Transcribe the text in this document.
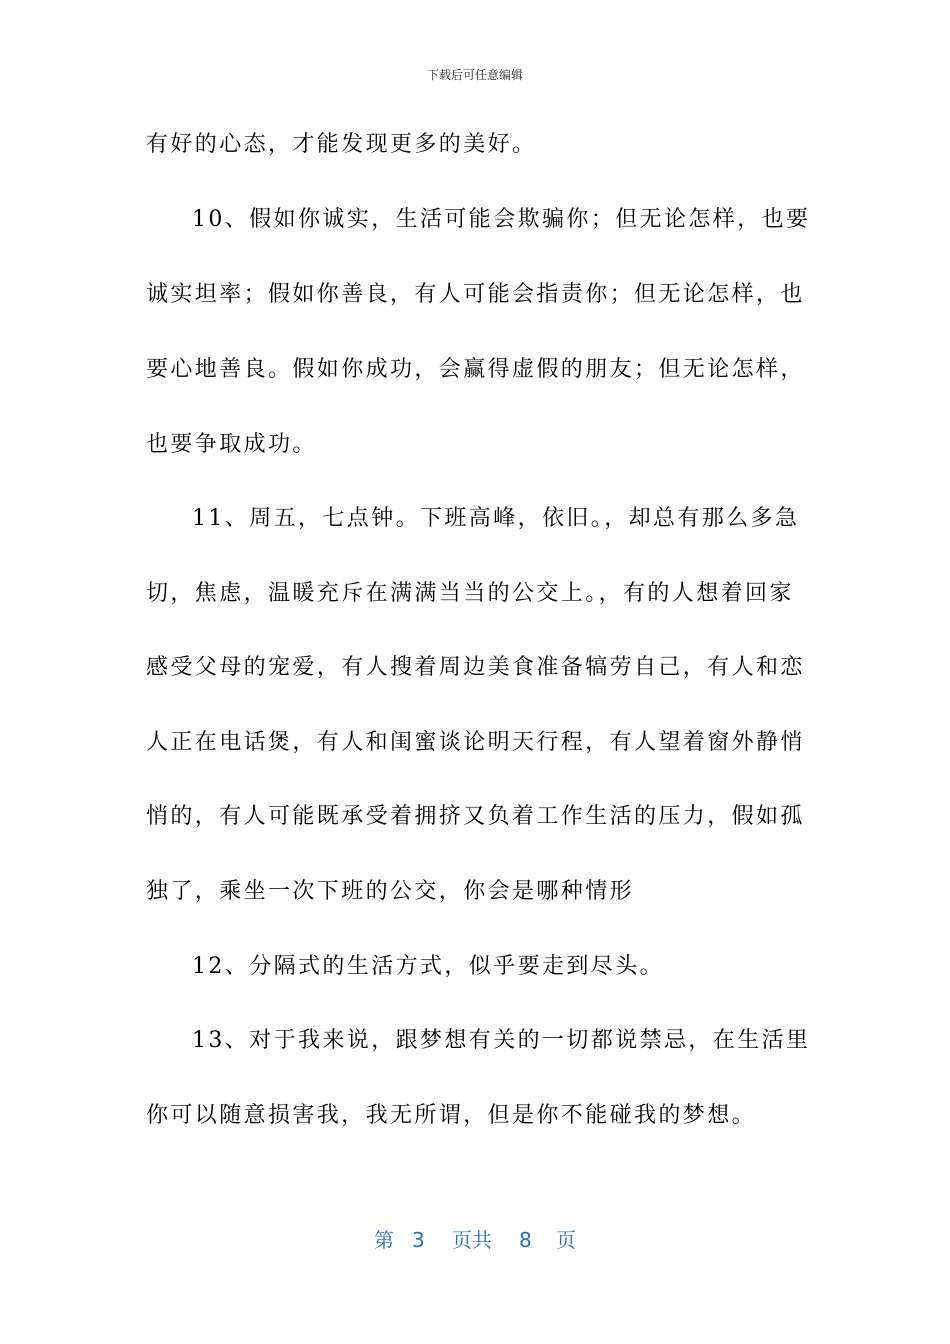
下载后可任意编辑
有好的心态，才能发现更多的美好。
10、假如你诚实，生活可能会欺骗你；但无论怎样，也要
诚实坦率；假如你善良，有人可能会指责你；但无论怎样，也
要心地善良。假如你成功，会赢得虚假的朋友；但无论怎样，
也要争取成功。
11、周五，七点钟。下班高峰，依旧。，却总有那么多急
切，焦虑，温暖充斥在满满当当的公交上。，有的人想着回家
感受父母的宠爱，有人搜着周边美食准备犒劳自己，有人和恋
人正在电话煲，有人和闺蜜谈论明天行程，有人望着窗外静悄
悄的，有人可能既承受着拥挤又负着工作生活的压力，假如孤
独了，乘坐一次下班的公交，你会是哪种情形
12、分隔式的生活方式，似乎要走到尽头。
13、对于我来说，跟梦想有关的一切都说禁忌，在生活里
你可以随意损害我，我无所谓，但是你不能碰我的梦想。
第 3 页共 8 页
